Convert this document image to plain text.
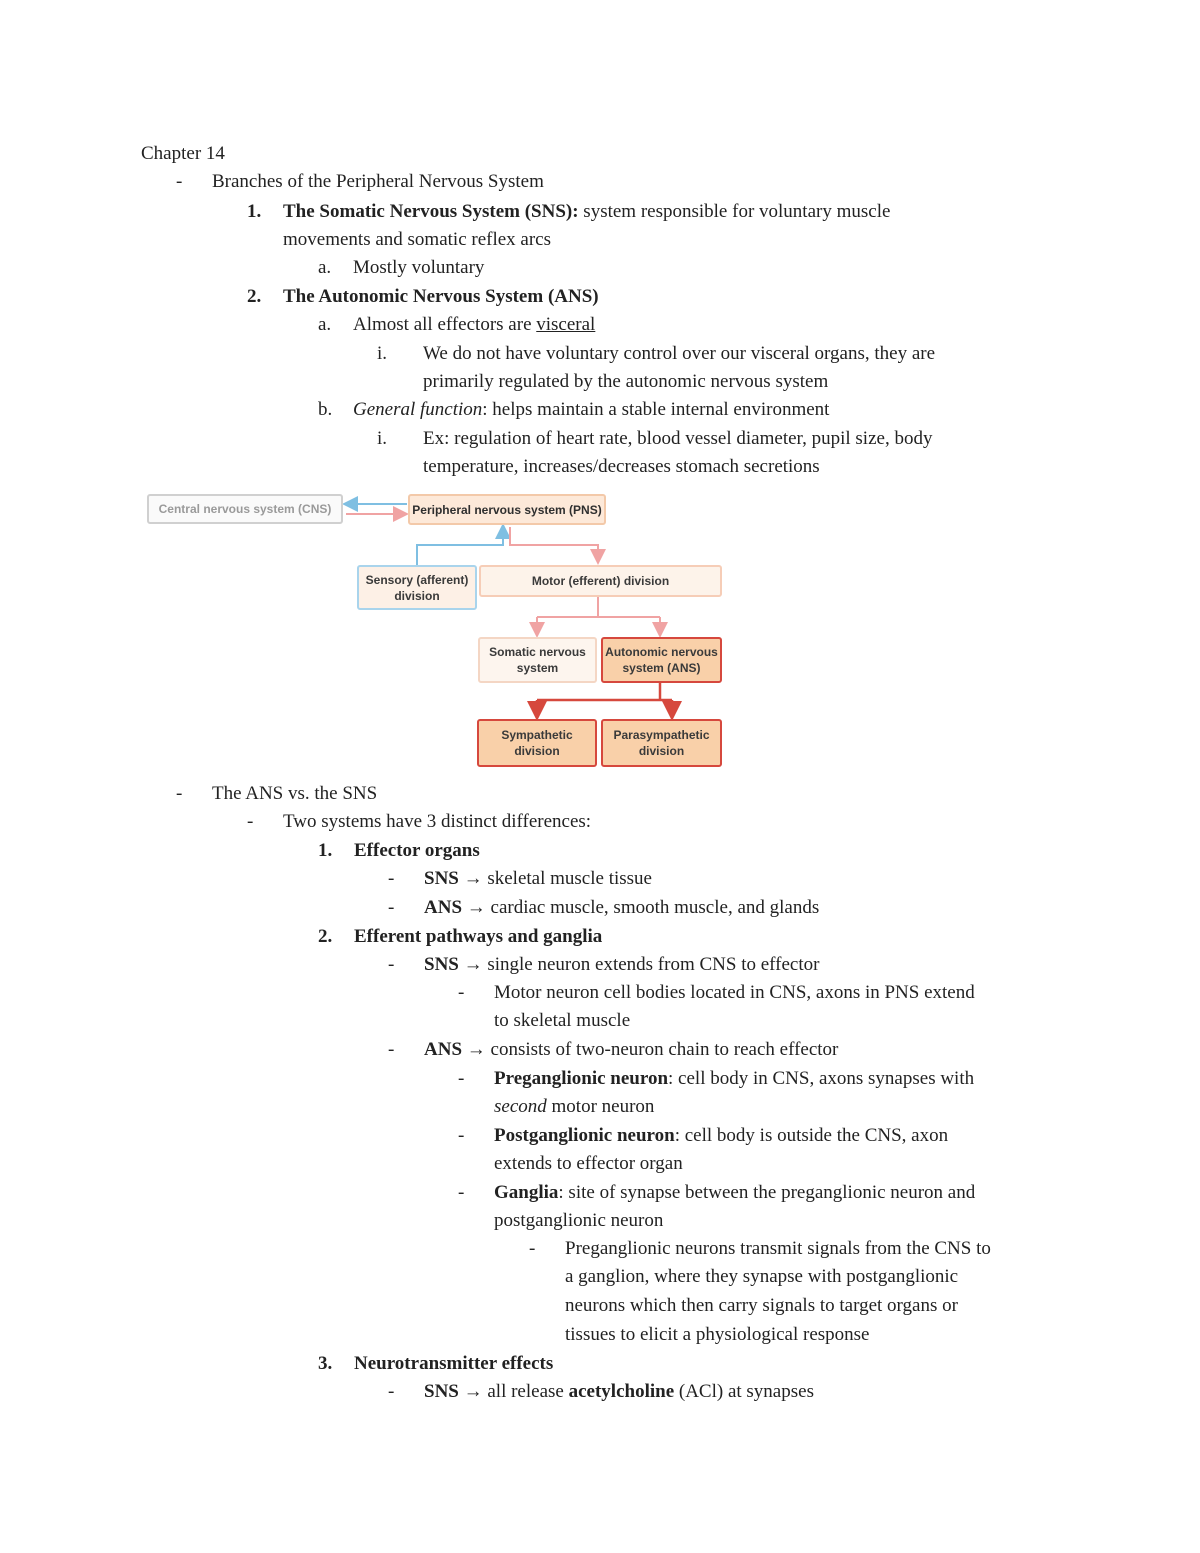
Chapter 14
- Branches of the Peripheral Nervous System
1. The Somatic Nervous System (SNS): system responsible for voluntary muscle
movements and somatic reflex arcs
a. Mostly voluntary
2. The Autonomic Nervous System (ANS)
a. Almost all effectors are visceral
i. We do not have voluntary control over our visceral organs, they are
primarily regulated by the autonomic nervous system
b. General function: helps maintain a stable internal environment
i. Ex: regulation of heart rate, blood vessel diameter, pupil size, body
temperature, increases/decreases stomach secretions
Central nervous system (CNS)	Peripheral nervous system (PNS)
Sensory (afferent)
division
Motor (efferent) division
Somatic nervous
system
Autonomic nervous
system (ANS)
Sympathetic
division
Parasympathetic
division
- The ANS vs. the SNS
- Two systems have 3 distinct differences:
1. Effector organs
- SNS → skeletal muscle tissue
- ANS → cardiac muscle, smooth muscle, and glands
2. Efferent pathways and ganglia
- SNS → single neuron extends from CNS to effector
- Motor neuron cell bodies located in CNS, axons in PNS extend
to skeletal muscle
- ANS → consists of two-neuron chain to reach effector
- Preganglionic neuron: cell body in CNS, axons synapses with
second motor neuron
- Postganglionic neuron: cell body is outside the CNS, axon
extends to effector organ
- Ganglia: site of synapse between the preganglionic neuron and
postganglionic neuron
- Preganglionic neurons transmit signals from the CNS to
a ganglion, where they synapse with postganglionic
neurons which then carry signals to target organs or
tissues to elicit a physiological response
3. Neurotransmitter effects
- SNS → all release acetylcholine (ACl) at synapses
